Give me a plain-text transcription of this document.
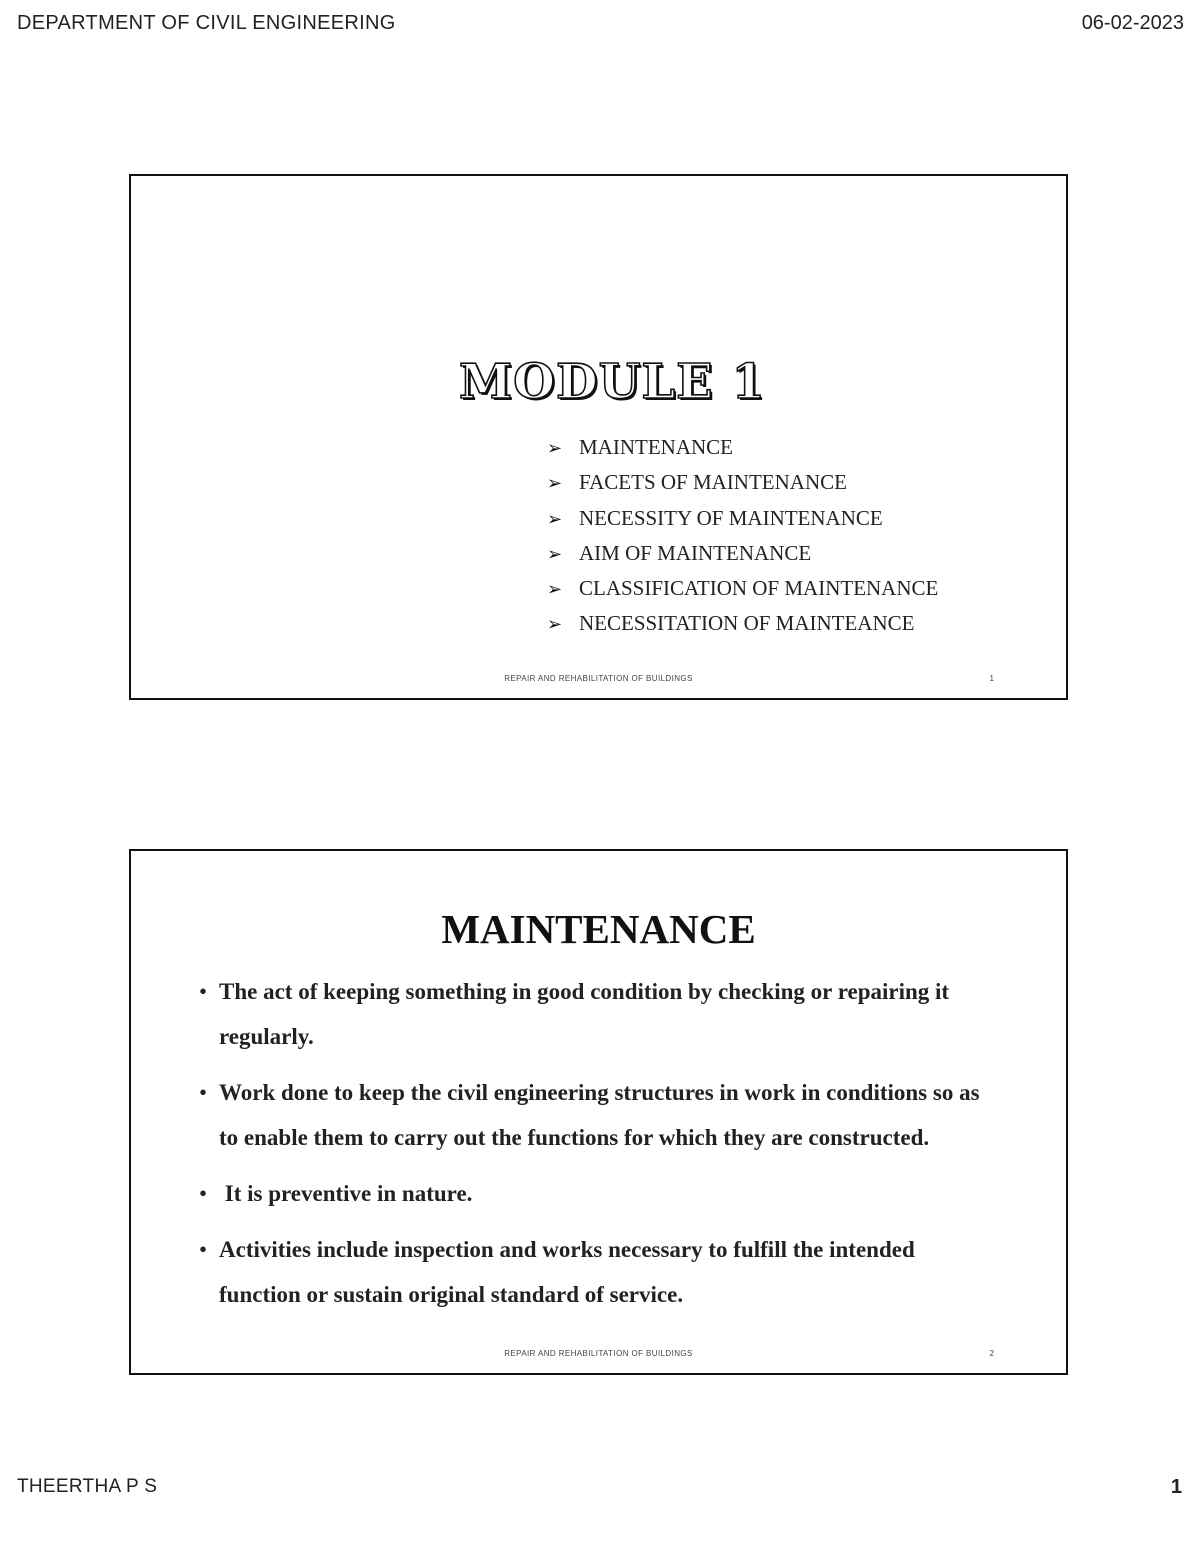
DEPARTMENT OF CIVIL ENGINEERING	06-02-2023
MODULE 1
➢ MAINTENANCE
➢ FACETS OF MAINTENANCE
➢ NECESSITY OF MAINTENANCE
➢ AIM OF MAINTENANCE
➢ CLASSIFICATION OF MAINTENANCE
➢ NECESSITATION OF MAINTEANCE
REPAIR AND REHABILITATION OF BUILDINGS	1
MAINTENANCE
• The act of keeping something in good condition by checking or repairing it regularly.
• Work done to keep the civil engineering structures in work in conditions so as to enable them to carry out the functions for which they are constructed.
• It is preventive in nature.
• Activities include inspection and works necessary to fulfill the intended function or sustain original standard of service.
REPAIR AND REHABILITATION OF BUILDINGS	2
THEERTHA P S	1
